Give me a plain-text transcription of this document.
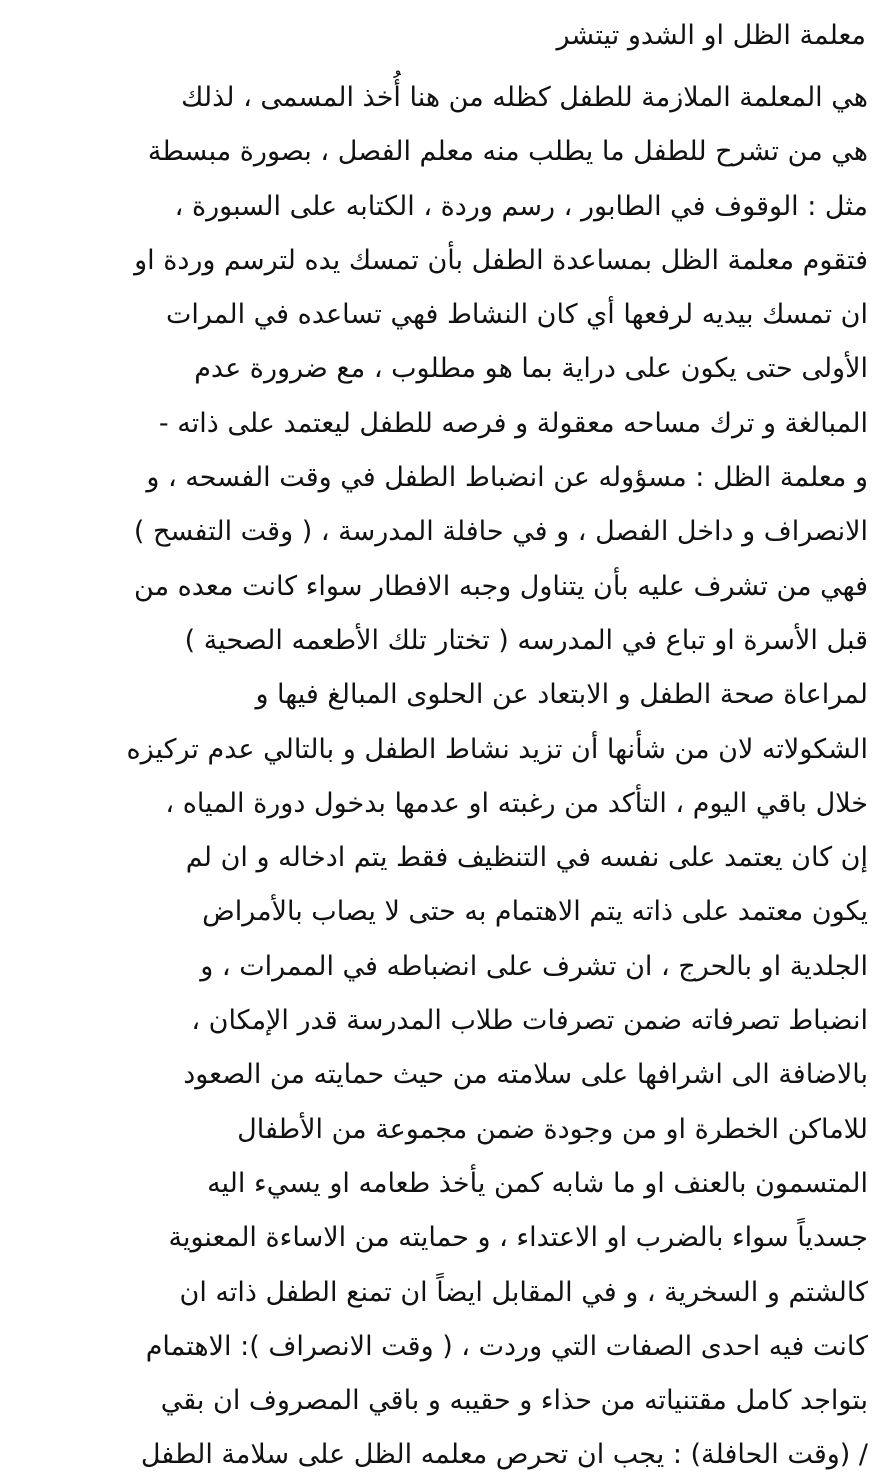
معلمة الظل او الشدو تيتشر
هي المعلمة الملازمة للطفل كظله من هنا أُخذ المسمى ، لذلك
هي من تشرح للطفل ما يطلب منه معلم الفصل ، بصورة مبسطة
مثل : الوقوف في الطابور ، رسم وردة ، الكتابه على السبورة ،
فتقوم معلمة الظل بمساعدة الطفل بأن تمسك يده لترسم وردة او
ان تمسك بيديه لرفعها أي كان النشاط فهي تساعده في المرات
الأولى حتى يكون على دراية بما هو مطلوب ، مع ضرورة عدم
المبالغة و ترك مساحه معقولة و فرصه للطفل ليعتمد على ذاته -
و معلمة الظل : مسؤوله عن انضباط الطفل في وقت الفسحه ، و
الانصراف و داخل الفصل ، و في حافلة المدرسة ، ( وقت التفسح )
فهي من تشرف عليه بأن يتناول وجبه الافطار سواء كانت معده من
قبل الأسرة او تباع في المدرسه ( تختار تلك الأطعمه الصحية )
لمراعاة صحة الطفل و الابتعاد عن الحلوى المبالغ فيها و
الشكولاته لان من شأنها أن تزيد نشاط الطفل و بالتالي عدم تركيزه
خلال باقي اليوم ، التأكد من رغبته او عدمها بدخول دورة المياه ،
إن كان يعتمد على نفسه في التنظيف فقط يتم ادخاله و ان لم
يكون معتمد على ذاته يتم الاهتمام به حتى لا يصاب بالأمراض
الجلدية او بالحرج ، ان تشرف على انضباطه في الممرات ، و
انضباط تصرفاته ضمن تصرفات طلاب المدرسة قدر الإمكان ،
بالاضافة الى اشرافها على سلامته من حيث حمايته من الصعود
للاماكن الخطرة او من وجودة ضمن مجموعة من الأطفال
المتسمون بالعنف او ما شابه كمن يأخذ طعامه او يسيء اليه
جسدياً سواء بالضرب او الاعتداء ، و حمايته من الاساءة المعنوية
كالشتم و السخرية ، و في المقابل ايضاً ان تمنع الطفل ذاته ان
كانت فيه احدى الصفات التي وردت ، ( وقت الانصراف ): الاهتمام
بتواجد كامل مقتنياته من حذاء و حقيبه و باقي المصروف ان بقي
/ (وقت الحافلة) : يجب ان تحرص معلمه الظل على سلامة الطفل
